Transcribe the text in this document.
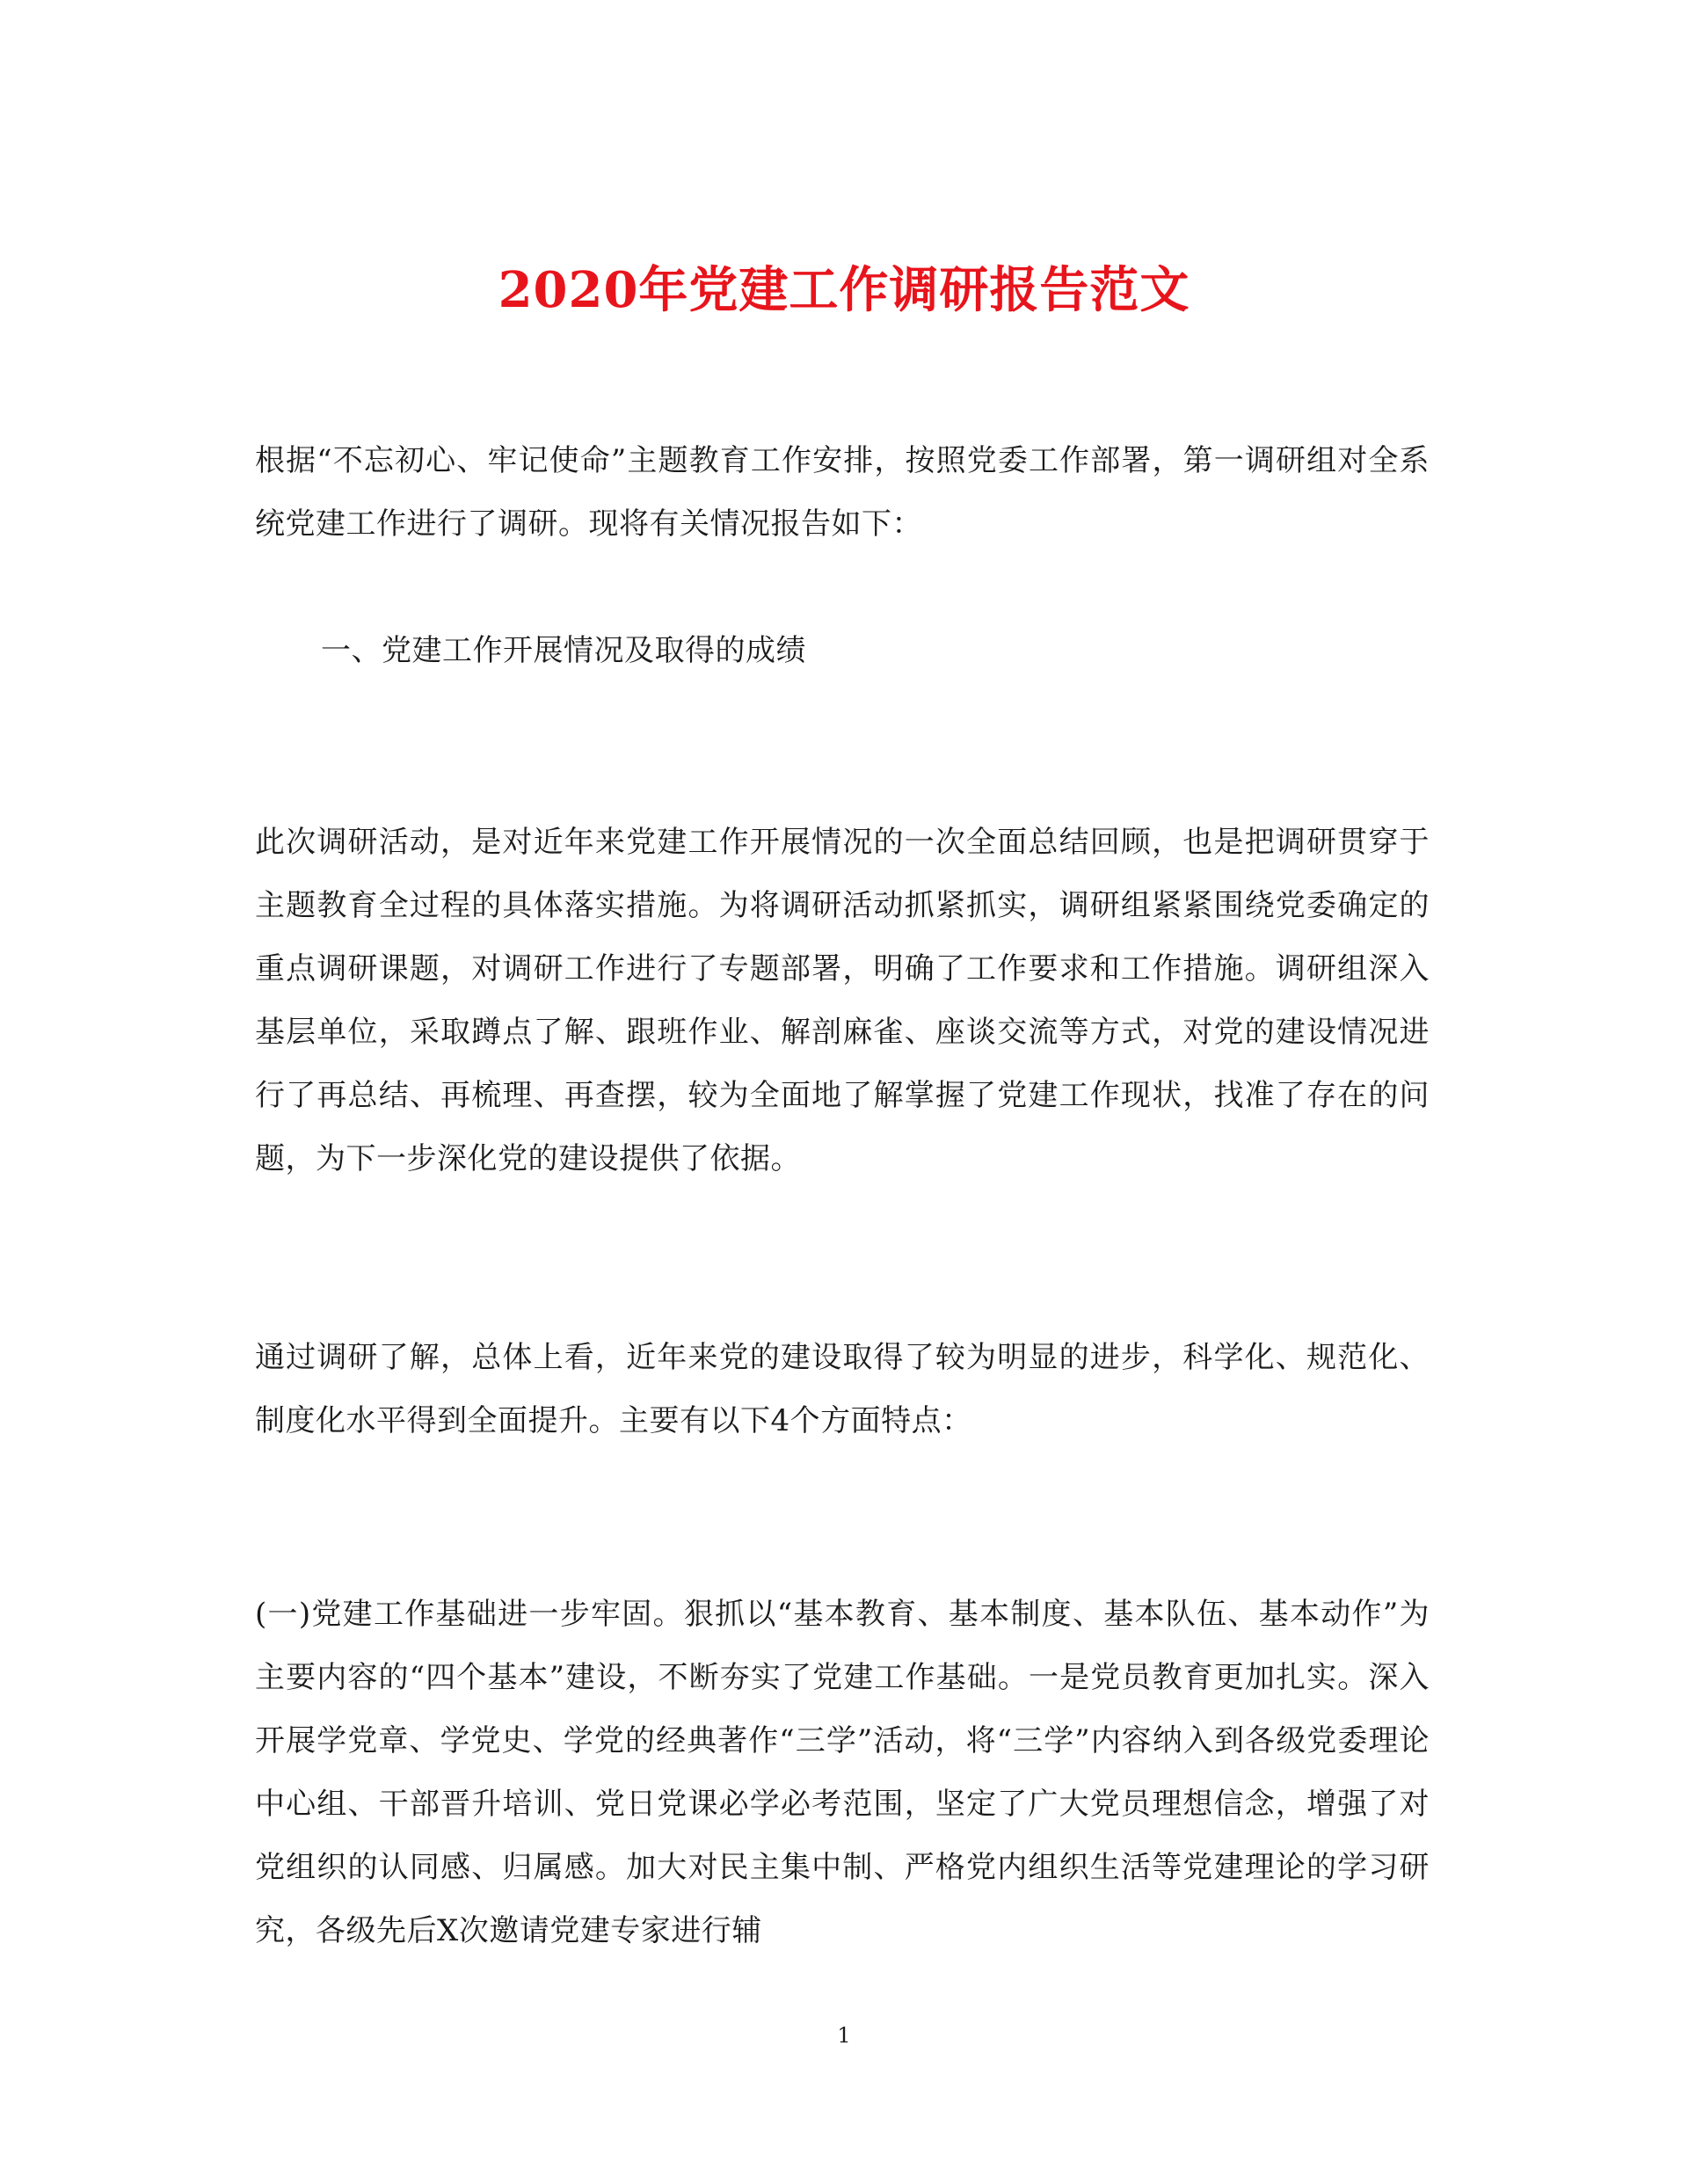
2020年党建工作调研报告范文

根据“不忘初心、牢记使命”主题教育工作安排，按照党委工作部署，第一调研组对全系统党建工作进行了调研。现将有关情况报告如下：

一、党建工作开展情况及取得的成绩

此次调研活动，是对近年来党建工作开展情况的一次全面总结回顾，也是把调研贯穿于主题教育全过程的具体落实措施。为将调研活动抓紧抓实，调研组紧紧围绕党委确定的重点调研课题，对调研工作进行了专题部署，明确了工作要求和工作措施。调研组深入基层单位，采取蹲点了解、跟班作业、解剖麻雀、座谈交流等方式，对党的建设情况进行了再总结、再梳理、再查摆，较为全面地了解掌握了党建工作现状，找准了存在的问题，为下一步深化党的建设提供了依据。

通过调研了解，总体上看，近年来党的建设取得了较为明显的进步，科学化、规范化、制度化水平得到全面提升。主要有以下4个方面特点：

(一)党建工作基础进一步牢固。狠抓以“基本教育、基本制度、基本队伍、基本动作”为主要内容的“四个基本”建设，不断夯实了党建工作基础。一是党员教育更加扎实。深入开展学党章、学党史、学党的经典著作“三学”活动，将“三学”内容纳入到各级党委理论中心组、干部晋升培训、党日党课必学必考范围，坚定了广大党员理想信念，增强了对党组织的认同感、归属感。加大对民主集中制、严格党内组织生活等党建理论的学习研究，各级先后X次邀请党建专家进行辅

1
